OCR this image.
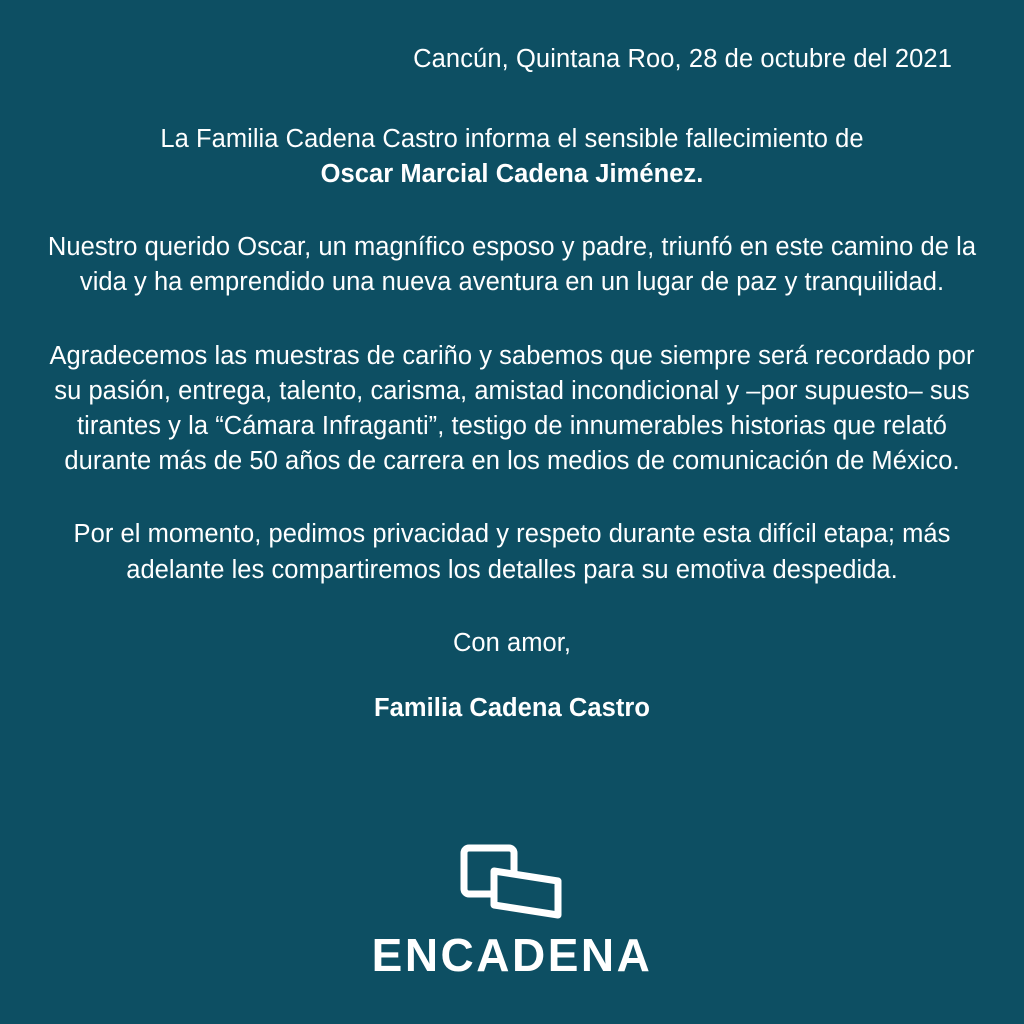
Cancún, Quintana Roo, 28 de octubre del 2021

La Familia Cadena Castro informa el sensible fallecimiento de

Oscar Marcial Cadena Jiménez.

Nuestro querido Oscar, un magnífico esposo y padre, triunfó en este camino de la vida y ha emprendido una nueva aventura en un lugar de paz y tranquilidad.

Agradecemos las muestras de cariño y sabemos que siempre será recordado por su pasión, entrega, talento, carisma, amistad incondicional y –por supuesto– sus tirantes y la “Cámara Infraganti”, testigo de innumerables historias que relató durante más de 50 años de carrera en los medios de comunicación de México.

Por el momento, pedimos privacidad y respeto durante esta difícil etapa; más adelante les compartiremos los detalles para su emotiva despedida.

Con amor,

Familia Cadena Castro

ENCADENA
